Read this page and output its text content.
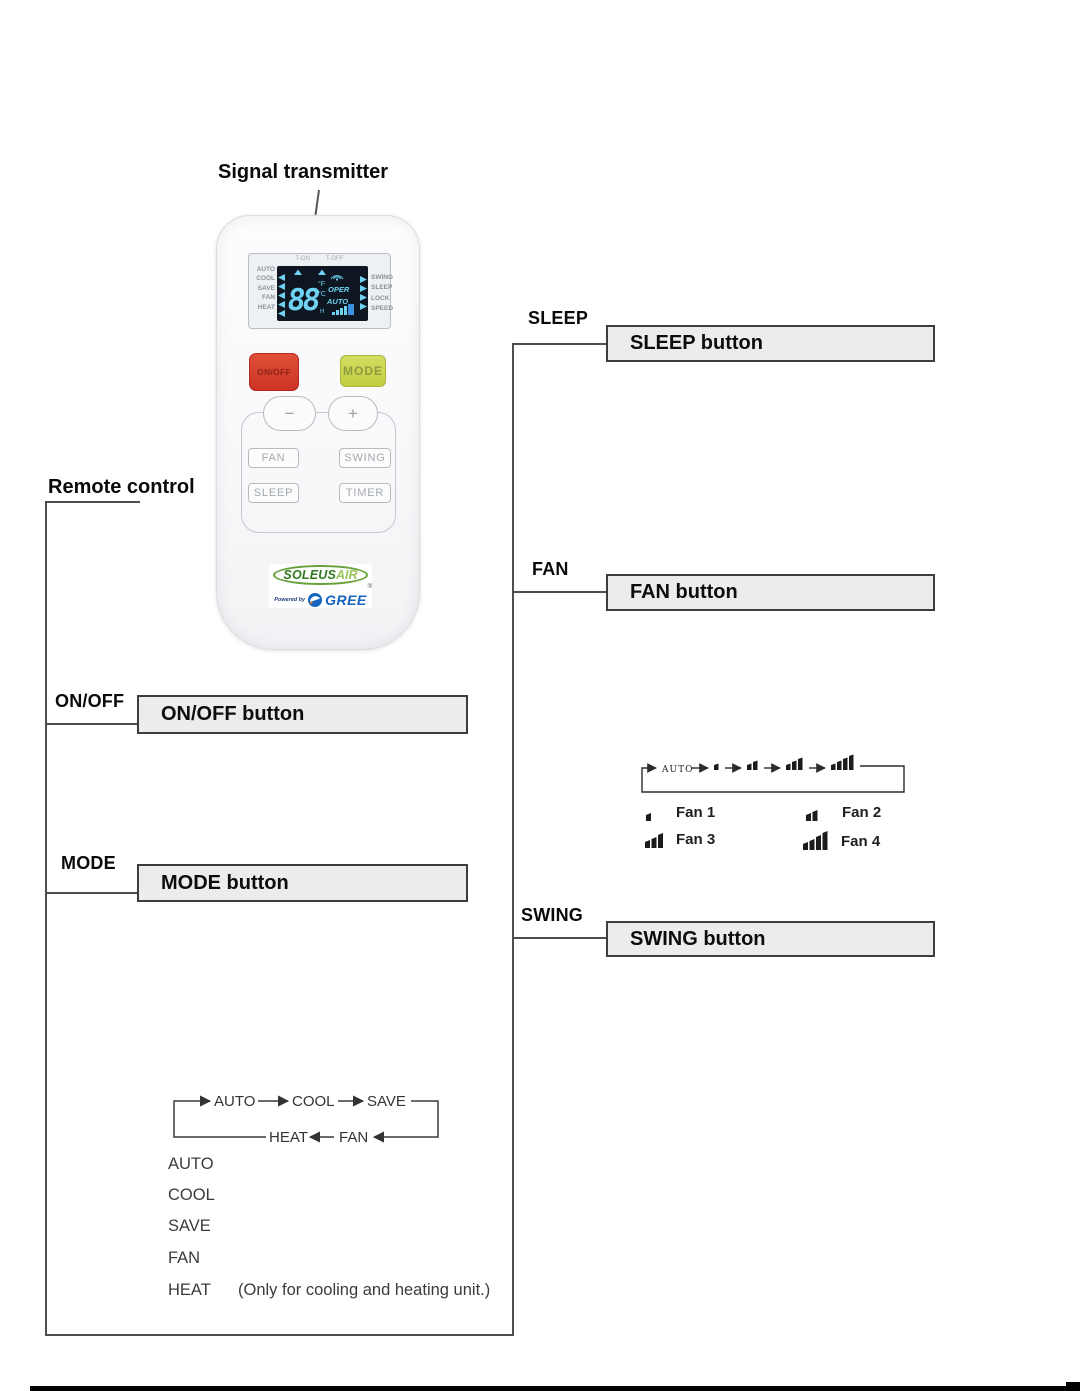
Signal transmitter
T-ON	T-OFF
AUTO
COOL
SAVE
FAN
HEAT
SWING
SLEEP
LOCK
SPEED
88
°F
°C
H
OPER
AUTO
ON/OFF	MODE
−	+
FAN	SWING
SLEEP	TIMER
SOLEUS AIR
®
Powered by GREE
Remote control
SLEEP
SLEEP button
FAN
FAN button
SWING
SWING button
ON/OFF
ON/OFF button
MODE
MODE button
AUTO
Fan 1	Fan 2
Fan 3	Fan 4
AUTO COOL SAVE
HEAT FAN
AUTO
COOL
SAVE
FAN
HEAT	(Only for cooling and heating unit.)
